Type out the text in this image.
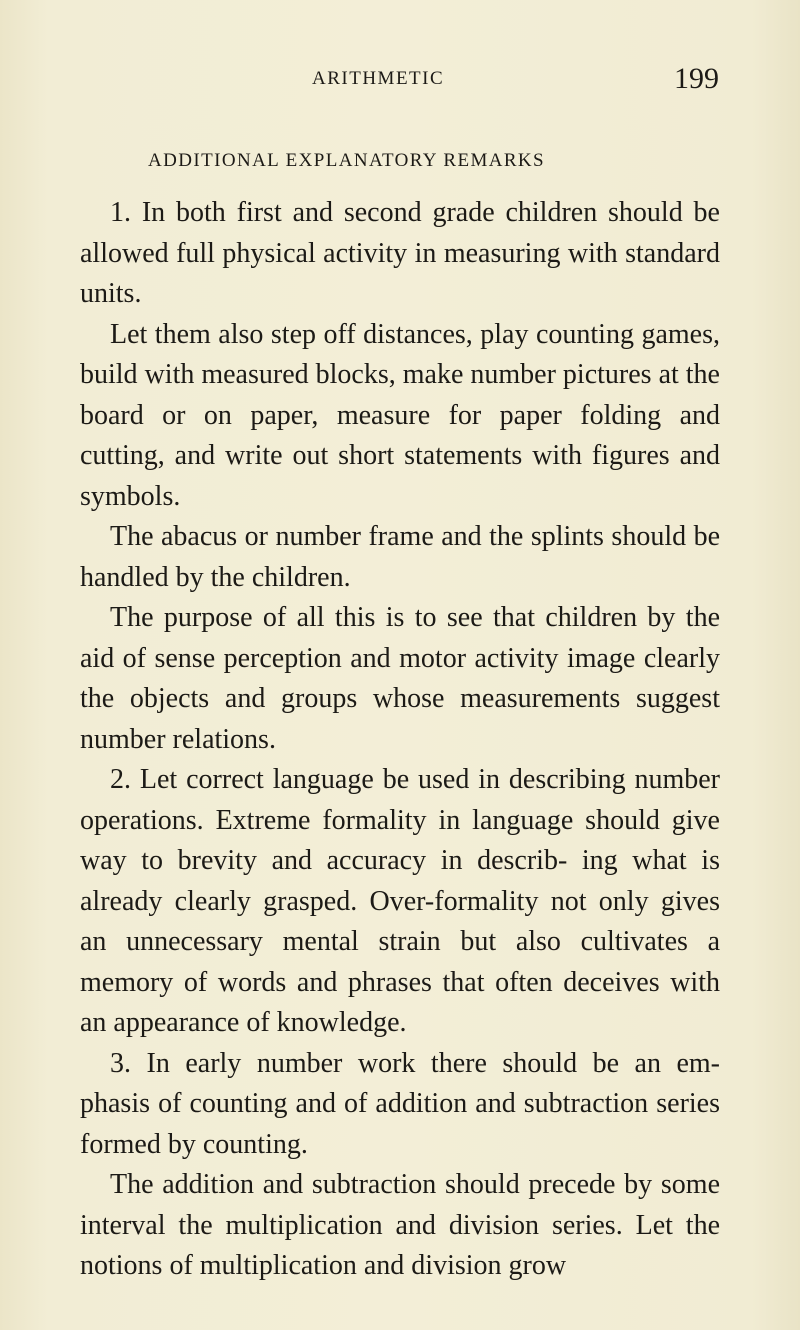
ARITHMETIC	199
ADDITIONAL EXPLANATORY REMARKS

1. In both first and second grade children should be allowed full physical activity in measuring with standard units.

Let them also step off distances, play counting games, build with measured blocks, make number pictures at the board or on paper, measure for paper folding and cutting, and write out short statements with figures and symbols.

The abacus or number frame and the splints should be handled by the children.

The purpose of all this is to see that children by the aid of sense perception and motor activity image clearly the objects and groups whose measurements suggest number relations.

2. Let correct language be used in describing number operations. Extreme formality in language should give way to brevity and accuracy in describ- ing what is already clearly grasped. Over-formality not only gives an unnecessary mental strain but also cultivates a memory of words and phrases that often deceives with an appearance of knowledge.

3. In early number work there should be an em- phasis of counting and of addition and subtraction series formed by counting.

The addition and subtraction should precede by some interval the multiplication and division series. Let the notions of multiplication and division grow
